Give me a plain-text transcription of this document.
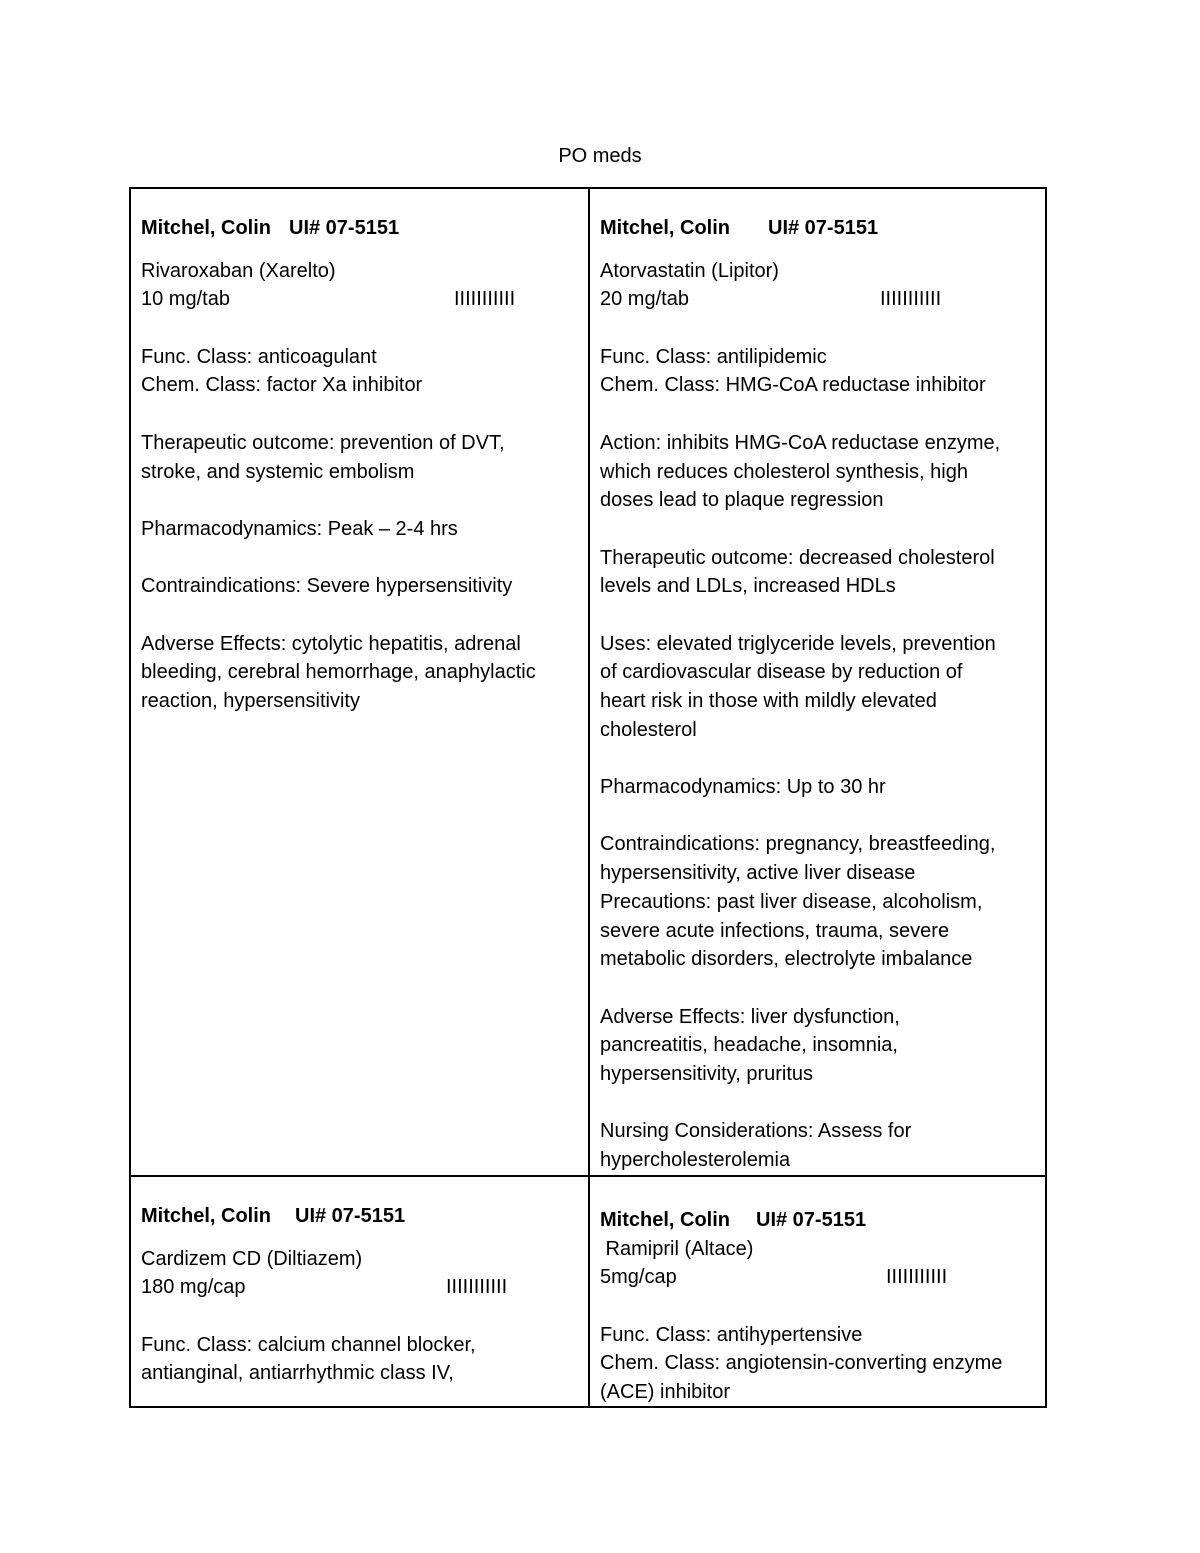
PO meds
Mitchel, Colin UI# 07-5151
Rivaroxaban (Xarelto)
10 mg/tab	IIIIIIIIIII
Func. Class: anticoagulant
Chem. Class: factor Xa inhibitor
Therapeutic outcome: prevention of DVT,
stroke, and systemic embolism
Pharmacodynamics: Peak – 2-4 hrs
Contraindications: Severe hypersensitivity
Adverse Effects: cytolytic hepatitis, adrenal
bleeding, cerebral hemorrhage, anaphylactic
reaction, hypersensitivity
Mitchel, Colin UI# 07-5151
Atorvastatin (Lipitor)
20 mg/tab	IIIIIIIIIII
Func. Class: antilipidemic
Chem. Class: HMG-CoA reductase inhibitor
Action: inhibits HMG-CoA reductase enzyme,
which reduces cholesterol synthesis, high
doses lead to plaque regression
Therapeutic outcome: decreased cholesterol
levels and LDLs, increased HDLs
Uses: elevated triglyceride levels, prevention
of cardiovascular disease by reduction of
heart risk in those with mildly elevated
cholesterol
Pharmacodynamics: Up to 30 hr
Contraindications: pregnancy, breastfeeding,
hypersensitivity, active liver disease
Precautions: past liver disease, alcoholism,
severe acute infections, trauma, severe
metabolic disorders, electrolyte imbalance
Adverse Effects: liver dysfunction,
pancreatitis, headache, insomnia,
hypersensitivity, pruritus
Nursing Considerations: Assess for
hypercholesterolemia
Mitchel, Colin UI# 07-5151
Cardizem CD (Diltiazem)
180 mg/cap	IIIIIIIIIII
Func. Class: calcium channel blocker,
antianginal, antiarrhythmic class IV,
Mitchel, Colin UI# 07-5151
Ramipril (Altace)
5mg/cap	IIIIIIIIIII
Func. Class: antihypertensive
Chem. Class: angiotensin-converting enzyme
(ACE) inhibitor
